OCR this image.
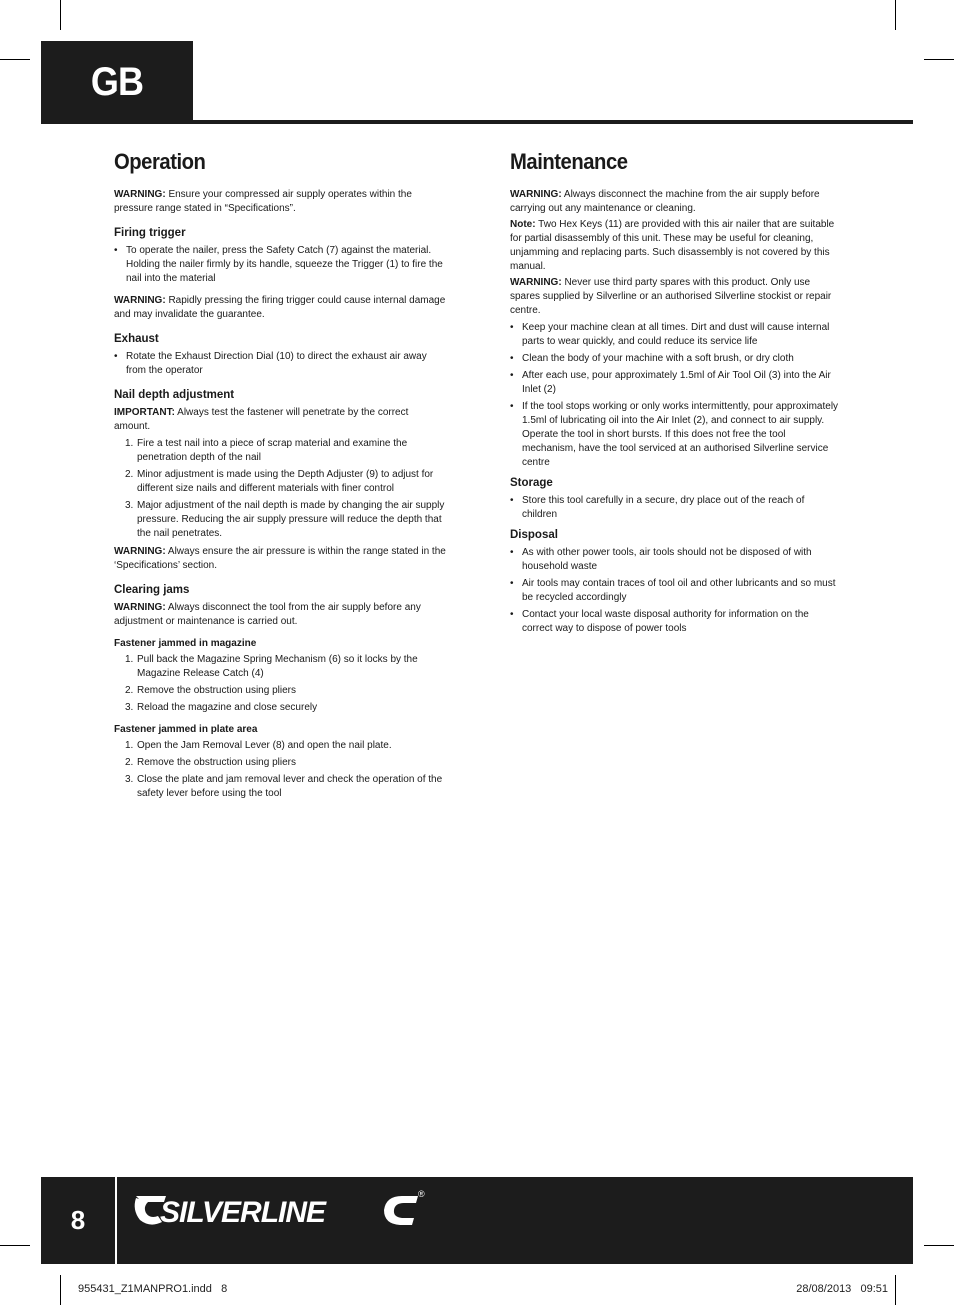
GB
Operation

WARNING: Ensure your compressed air supply operates within the pressure range stated in “Specifications”.

Firing trigger
• To operate the nailer, press the Safety Catch (7) against the material. Holding the nailer firmly by its handle, squeeze the Trigger (1) to fire the nail into the material

WARNING: Rapidly pressing the firing trigger could cause internal damage and may invalidate the guarantee.

Exhaust
• Rotate the Exhaust Direction Dial (10) to direct the exhaust air away from the operator
Nail depth adjustment

IMPORTANT: Always test the fastener will penetrate by the correct amount.

1. Fire a test nail into a piece of scrap material and examine the penetration depth of the nail
2. Minor adjustment is made using the Depth Adjuster (9) to adjust for different size nails and different materials with finer control
3. Major adjustment of the nail depth is made by changing the air supply pressure. Reducing the air supply pressure will reduce the depth that the nail penetrates.

WARNING: Always ensure the air pressure is within the range stated in the ‘Specifications’ section.

Clearing jams

WARNING: Always disconnect the tool from the air supply before any adjustment or maintenance is carried out.

Fastener jammed in magazine
1. Pull back the Magazine Spring Mechanism (6) so it locks by the Magazine Release Catch (4)
2. Remove the obstruction using pliers
3. Reload the magazine and close securely
Fastener jammed in plate area
1. Open the Jam Removal Lever (8) and open the nail plate.
2. Remove the obstruction using pliers
3. Close the plate and jam removal lever and check the operation of the safety lever before using the tool
Maintenance

WARNING: Always disconnect the machine from the air supply before carrying out any maintenance or cleaning.

Note: Two Hex Keys (11) are provided with this air nailer that are suitable for partial disassembly of this unit. These may be useful for cleaning, unjamming and replacing parts. Such disassembly is not covered by this manual.

WARNING: Never use third party spares with this product. Only use spares supplied by Silverline or an authorised Silverline stockist or repair centre.

• Keep your machine clean at all times. Dirt and dust will cause internal parts to wear quickly, and could reduce its service life
• Clean the body of your machine with a soft brush, or dry cloth
• After each use, pour approximately 1.5ml of Air Tool Oil (3) into the Air Inlet (2)
• If the tool stops working or only works intermittently, pour approximately 1.5ml of lubricating oil into the Air Inlet (2), and connect to air supply. Operate the tool in short bursts. If this does not free the tool mechanism, have the tool serviced at an authorised Silverline service centre
Storage
• Store this tool carefully in a secure, dry place out of the reach of children
Disposal
• As with other power tools, air tools should not be disposed of with household waste
• Air tools may contain traces of tool oil and other lubricants and so must be recycled accordingly
• Contact your local waste disposal authority for information on the correct way to dispose of power tools
8	SILVERLINE
®
955431_Z1MANPRO1.indd   8	28/08/2013   09:51
